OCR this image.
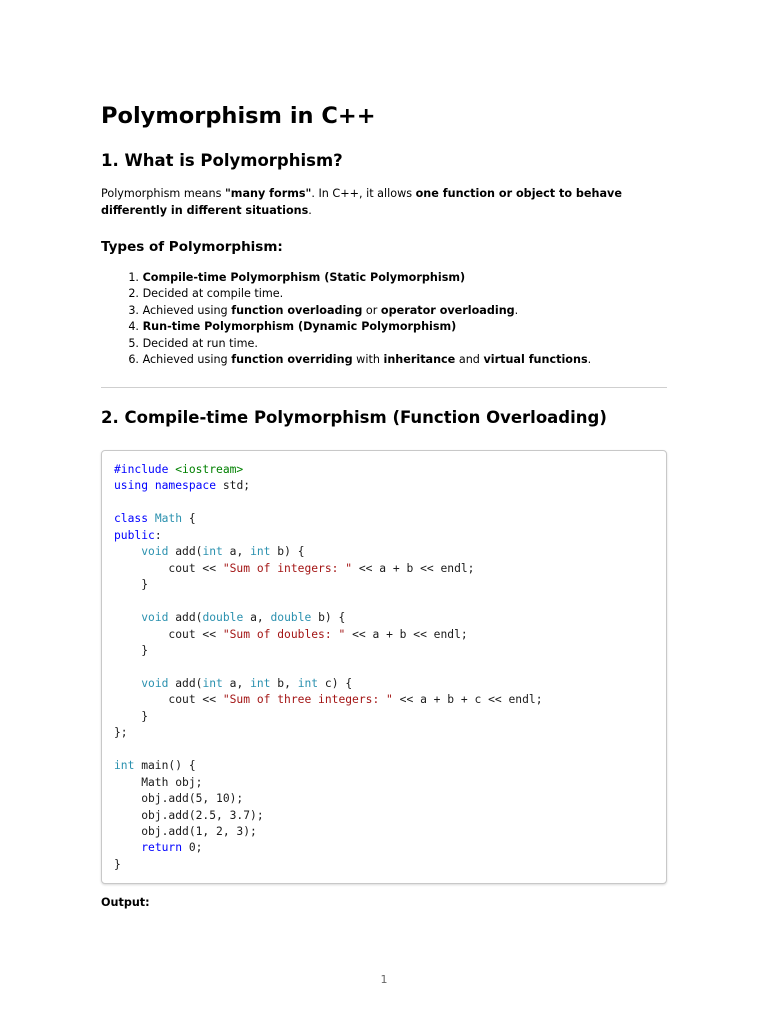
Polymorphism in C++
1. What is Polymorphism?

Polymorphism means "many forms". In C++, it allows one function or object to behave differently in different situations.

Types of Polymorphism:
1. Compile-time Polymorphism (Static Polymorphism)
2. Decided at compile time.
3. Achieved using function overloading or operator overloading.
4. Run-time Polymorphism (Dynamic Polymorphism)
5. Decided at run time.
6. Achieved using function overriding with inheritance and virtual functions.
2. Compile-time Polymorphism (Function Overloading)
#include <iostream>
using namespace std;

class Math {
public:
void add(int a, int b) {
cout << "Sum of integers: " << a + b << endl;
}

void add(double a, double b) {
cout << "Sum of doubles: " << a + b << endl;
}

void add(int a, int b, int c) {
cout << "Sum of three integers: " << a + b + c << endl;
}
};

int main() {
Math obj;
obj.add(5, 10);
obj.add(2.5, 3.7);
obj.add(1, 2, 3);
return 0;
}

Output:

1
